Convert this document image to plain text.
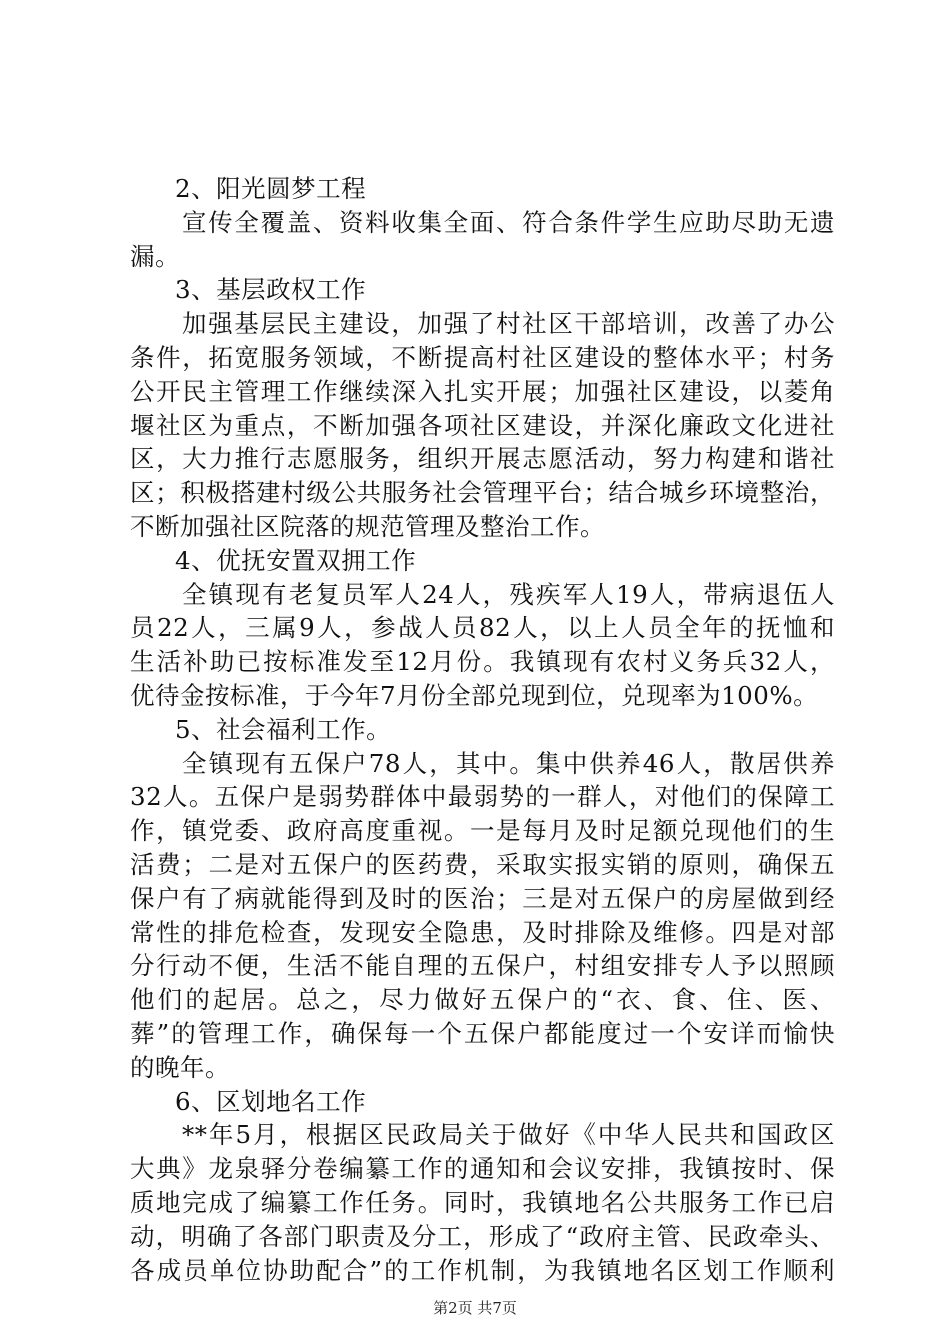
2、阳光圆梦工程
宣传全覆盖、资料收集全面、符合条件学生应助尽助无遗
漏。
3、基层政权工作
加强基层民主建设，加强了村社区干部培训，改善了办公
条件，拓宽服务领域，不断提高村社区建设的整体水平；村务
公开民主管理工作继续深入扎实开展；加强社区建设，以菱角
堰社区为重点，不断加强各项社区建设，并深化廉政文化进社
区，大力推行志愿服务，组织开展志愿活动，努力构建和谐社
区；积极搭建村级公共服务社会管理平台；结合城乡环境整治，
不断加强社区院落的规范管理及整治工作。
4、优抚安置双拥工作
全镇现有老复员军人24人，残疾军人19人，带病退伍人
员22人，三属9人，参战人员82人，以上人员全年的抚恤和
生活补助已按标准发至12月份。我镇现有农村义务兵32人，
优待金按标准，于今年7月份全部兑现到位，兑现率为100%。
5、社会福利工作。
全镇现有五保户78人，其中。集中供养46人，散居供养
32人。五保户是弱势群体中最弱势的一群人，对他们的保障工
作，镇党委、政府高度重视。一是每月及时足额兑现他们的生
活费；二是对五保户的医药费，采取实报实销的原则，确保五
保户有了病就能得到及时的医治；三是对五保户的房屋做到经
常性的排危检查，发现安全隐患，及时排除及维修。四是对部
分行动不便，生活不能自理的五保户，村组安排专人予以照顾
他们的起居。总之，尽力做好五保户的“衣、食、住、医、
葬”的管理工作，确保每一个五保户都能度过一个安详而愉快
的晚年。
6、区划地名工作
**年5月，根据区民政局关于做好《中华人民共和国政区
大典》龙泉驿分卷编纂工作的通知和会议安排，我镇按时、保
质地完成了编纂工作任务。同时，我镇地名公共服务工作已启
动，明确了各部门职责及分工，形成了“政府主管、民政牵头、
各成员单位协助配合”的工作机制，为我镇地名区划工作顺利
第2页 共7页
